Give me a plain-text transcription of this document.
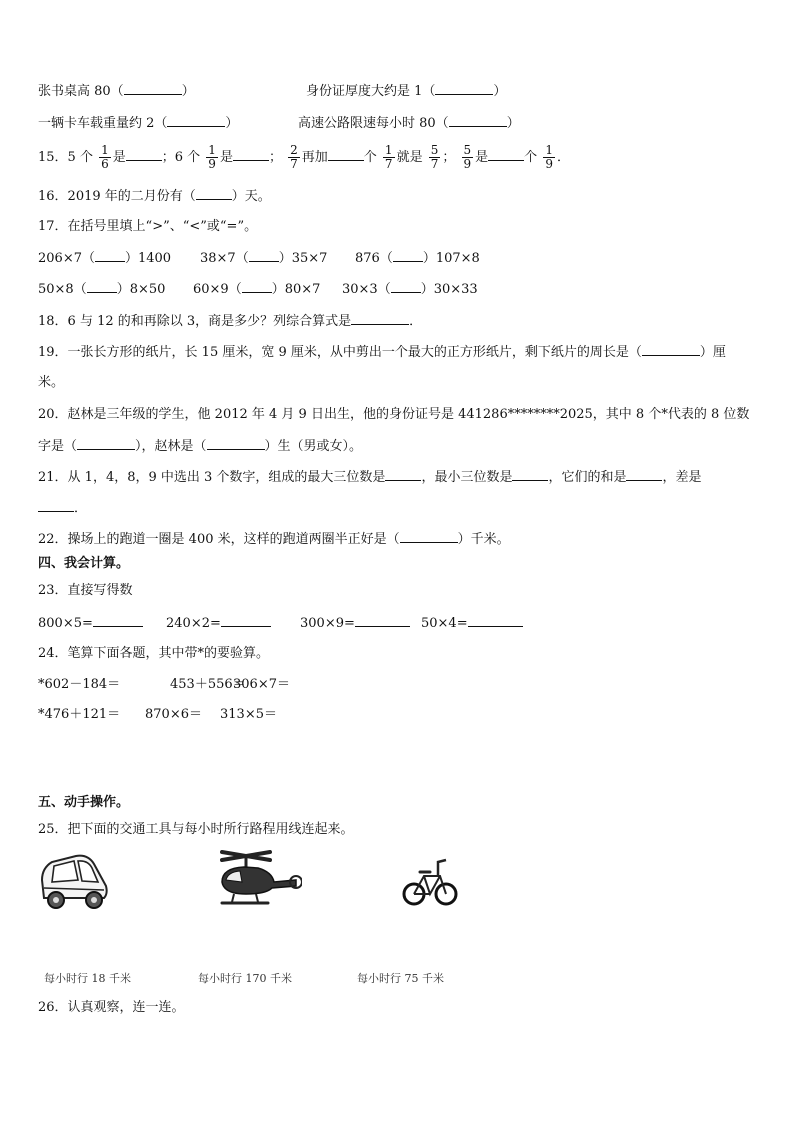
张书桌高 80（	）	身份证厚度大约是 1（	）
一辆卡车载重量约 2（	）	高速公路限速每小时 80（	）
15．5 个 $\frac{1}{6}$ 是	；6 个 $\frac{1}{9}$ 是	； $\frac{2}{7}$ 再加	个 $\frac{1}{7}$ 就是 $\frac{5}{7}$ ； $\frac{5}{9}$ 是	个 $\frac{1}{9}$ ．
16．2019 年的二月份有（	）天。
17．在括号里填上“>”、“<”或“=”。
206×7（ ）1400 38×7（ ）35×7 876（ ）107×8
50×8（ ）8×50 60×9（ ）80×7 30×3（ ）30×33
18．6 与 12 的和再除以 3，商是多少？列综合算式是	．
19．一张长方形的纸片，长 15 厘米，宽 9 厘米，从中剪出一个最大的正方形纸片，剩下纸片的周长是（	）厘
米。
20．赵林是三年级的学生，他 2012 年 4 月 9 日出生，他的身份证号是 441286********2025，其中 8 个*代表的 8 位数
字是（	），赵林是（	）生（男或女）。
21．从 1，4，8，9 中选出 3 个数字，组成的最大三位数是	，最小三位数是	，它们的和是	，差是
．
22．操场上的跑道一圈是 400 米，这样的跑道两圈半正好是（	）千米。
四、我会计算。
23．直接写得数
800×5=	240×2=	300×9=	50×4=
24．笔算下面各题，其中带*的要验算。
*602－184＝	453＋556＝
306×7＝
*476＋121＝ 870×6＝ 313×5＝
五、动手操作。
25．把下面的交通工具与每小时所行路程用线连起来。
每小时行 18 千米	每小时行 170 千米	每小时行 75 千米
26．认真观察，连一连。
